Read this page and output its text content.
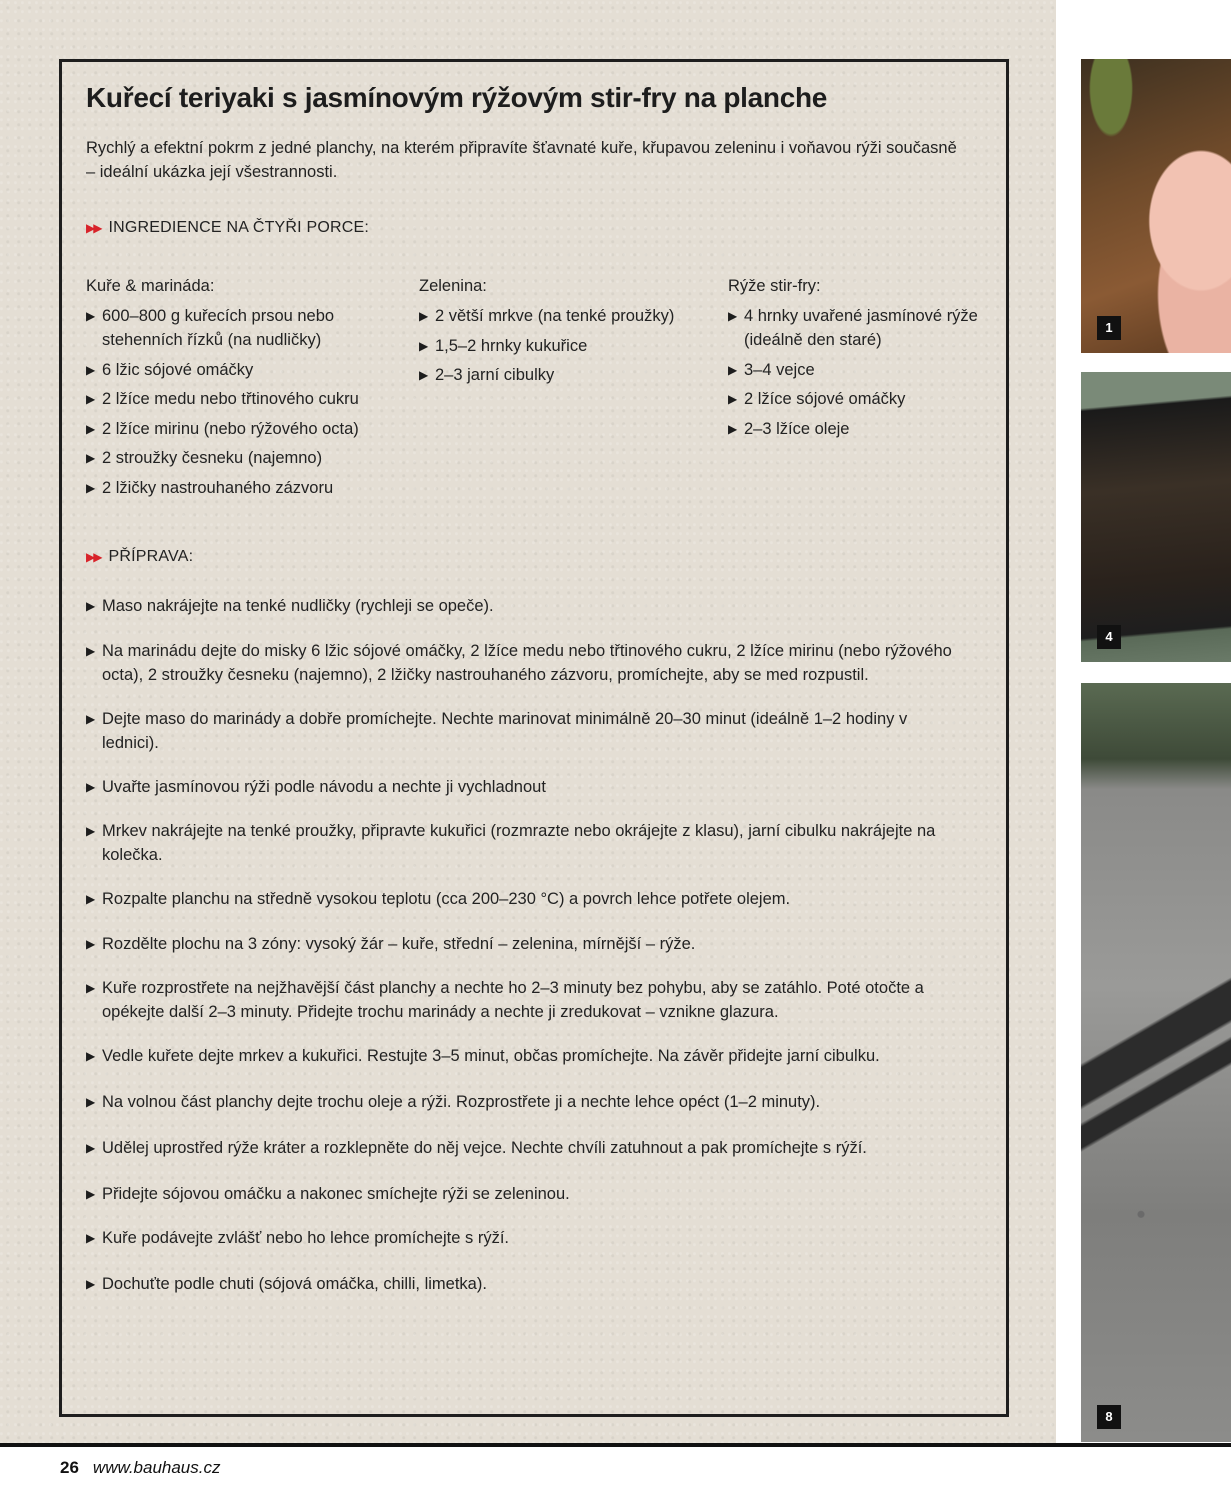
Kuřecí teriyaki s jasmínovým rýžovým stir-fry na planche

Rychlý a efektní pokrm z jedné planchy, na kterém připravíte šťavnaté kuře, křupavou zeleninu i voňavou rýži současně – ideální ukázka její všestrannosti.

▶▶ INGREDIENCE NA ČTYŘI PORCE:

Kuře & marináda:

▶ 600–800 g kuřecích prsou nebo stehenních řízků (na nudličky)
▶ 6 lžic sójové omáčky
▶ 2 lžíce medu nebo třtinového cukru
▶ 2 lžíce mirinu (nebo rýžového octa)
▶ 2 stroužky česneku (najemno)
▶ 2 lžičky nastrouhaného zázvoru

Zelenina:

▶ 2 větší mrkve (na tenké proužky)
▶ 1,5–2 hrnky kukuřice
▶ 2–3 jarní cibulky

Rýže stir-fry:

▶ 4 hrnky uvařené jasmínové rýže (ideálně den staré)
▶ 3–4 vejce
▶ 2 lžíce sójové omáčky
▶ 2–3 lžíce oleje

▶▶ PŘÍPRAVA:

▶ Maso nakrájejte na tenké nudličky (rychleji se opeče).
▶ Na marinádu dejte do misky 6 lžic sójové omáčky, 2 lžíce medu nebo třtinového cukru, 2 lžíce mirinu (nebo rýžového octa), 2 stroužky česneku (najemno), 2 lžičky nastrouhaného zázvoru, promíchejte, aby se med rozpustil.
▶ Dejte maso do marinády a dobře promíchejte. Nechte marinovat minimálně 20–30 minut (ideálně 1–2 hodiny v lednici).
▶ Uvařte jasmínovou rýži podle návodu a nechte ji vychladnout
▶ Mrkev nakrájejte na tenké proužky, připravte kukuřici (rozmrazte nebo okrájejte z klasu), jarní cibulku nakrájejte na kolečka.
▶ Rozpalte planchu na středně vysokou teplotu (cca 200–230 °C) a povrch lehce potřete olejem.
▶ Rozdělte plochu na 3 zóny: vysoký žár – kuře, střední – zelenina, mírnější – rýže.
▶ Kuře rozprostřete na nejžhavější část planchy a nechte ho 2–3 minuty bez pohybu, aby se zatáhlo. Poté otočte a opékejte další 2–3 minuty. Přidejte trochu marinády a nechte ji zredukovat – vznikne glazura.
▶ Vedle kuřete dejte mrkev a kukuřici. Restujte 3–5 minut, občas promíchejte. Na závěr přidejte jarní cibulku.
▶ Na volnou část planchy dejte trochu oleje a rýži. Rozprostřete ji a nechte lehce opéct (1–2 minuty).
▶ Udělej uprostřed rýže kráter a rozklepněte do něj vejce. Nechte chvíli zatuhnout a pak promíchejte s rýží.
▶ Přidejte sójovou omáčku a nakonec smíchejte rýži se zeleninou.
▶ Kuře podávejte zvlášť nebo ho lehce promíchejte s rýží.
▶ Dochuťte podle chuti (sójová omáčka, chilli, limetka).
1
4
8
26 www.bauhaus.cz
